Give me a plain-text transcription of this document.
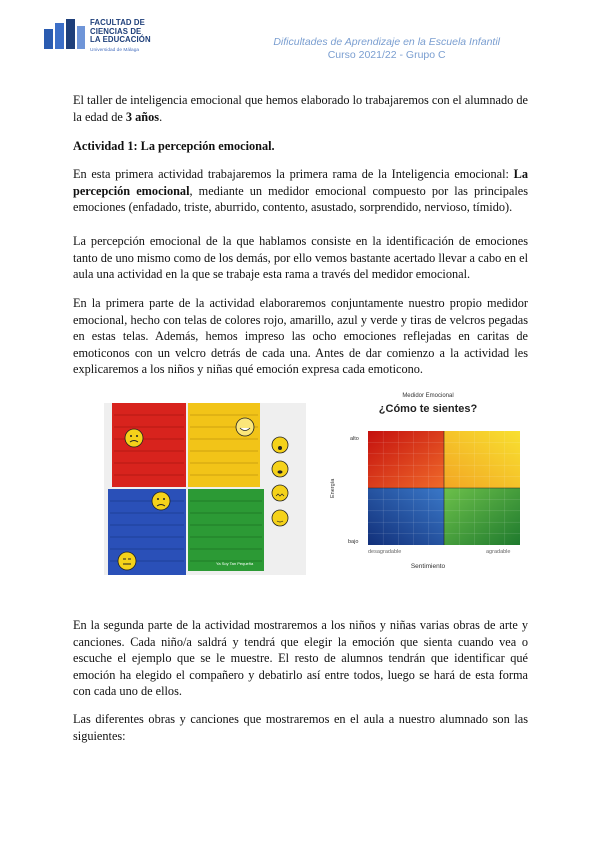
FACULTAD DE
CIENCIAS DE
LA EDUCACIÓN
Universidad de Málaga
Dificultades de Aprendizaje en la Escuela Infantil
Curso 2021/22 - Grupo C

El taller de inteligencia emocional que hemos elaborado lo trabajaremos con el alumnado de la edad de 3 años.

Actividad 1: La percepción emocional.

En esta primera actividad trabajaremos la primera rama de la Inteligencia emocional: La percepción emocional, mediante un medidor emocional compuesto por las principales emociones (enfadado, triste, aburrido, contento, asustado, sorprendido, nervioso, tímido).

La percepción emocional de la que hablamos consiste en la identificación de emociones tanto de uno mismo como de los demás, por ello vemos bastante acertado llevar a cabo en el aula una actividad en la que se trabaje esta rama a través del medidor emocional.

En la primera parte de la actividad elaboraremos conjuntamente nuestro propio medidor emocional, hecho con telas de colores rojo, amarillo, azul y verde y tiras de velcros pegadas en estas telas. Además, hemos impreso las ocho emociones reflejadas en caritas de emoticonos con un velcro detrás de cada una. Antes de dar comienzo a la actividad les explicaremos a los niños y niñas qué emoción expresa cada emoticono.

Ya Soy Tan Pequeña
Medidor Emocional
¿Cómo te sientes?
alto
bajo
Energía
desagradable	agradable
Sentimiento

En la segunda parte de la actividad mostraremos a los niños y niñas varias obras de arte y canciones. Cada niño/a saldrá y tendrá que elegir la emoción que sienta cuando vea o escuche el ejemplo que se le muestre. El resto de alumnos tendrán que identificar qué emoción ha elegido el compañero y debatirlo así entre todos, luego se hará de esta forma con cada uno de ellos.

Las diferentes obras y canciones que mostraremos en el aula a nuestro alumnado son las siguientes:
